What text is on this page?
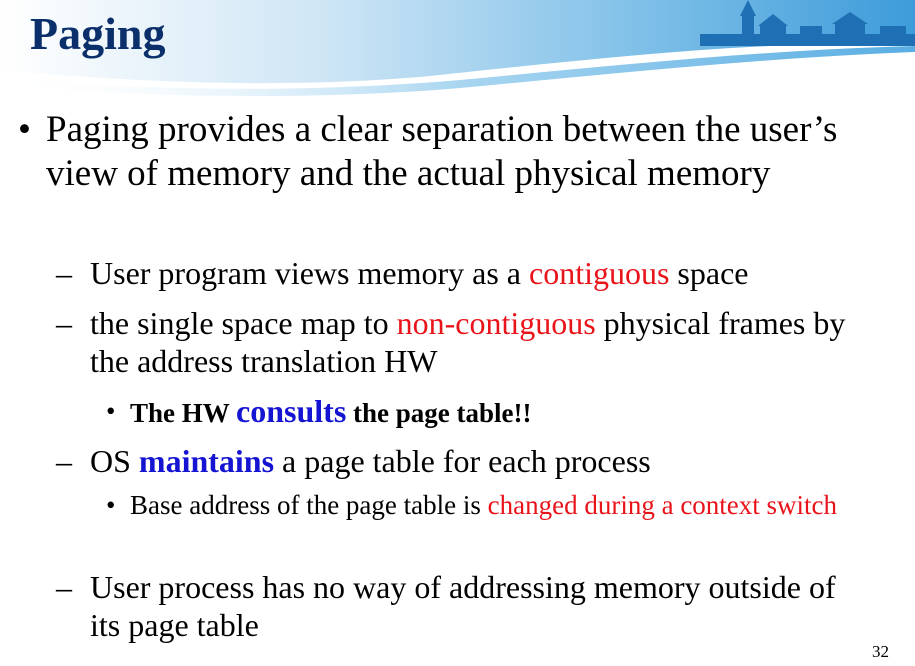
Paging
• Paging provides a clear separation between the user’s view of memory and the actual physical memory
– User program views memory as a contiguous space
– the single space map to non-contiguous physical frames by the address translation HW
• The HW consults the page table!!
– OS maintains a page table for each process
• Base address of the page table is changed during a context switch
– User process has no way of addressing memory outside of its page table
32
